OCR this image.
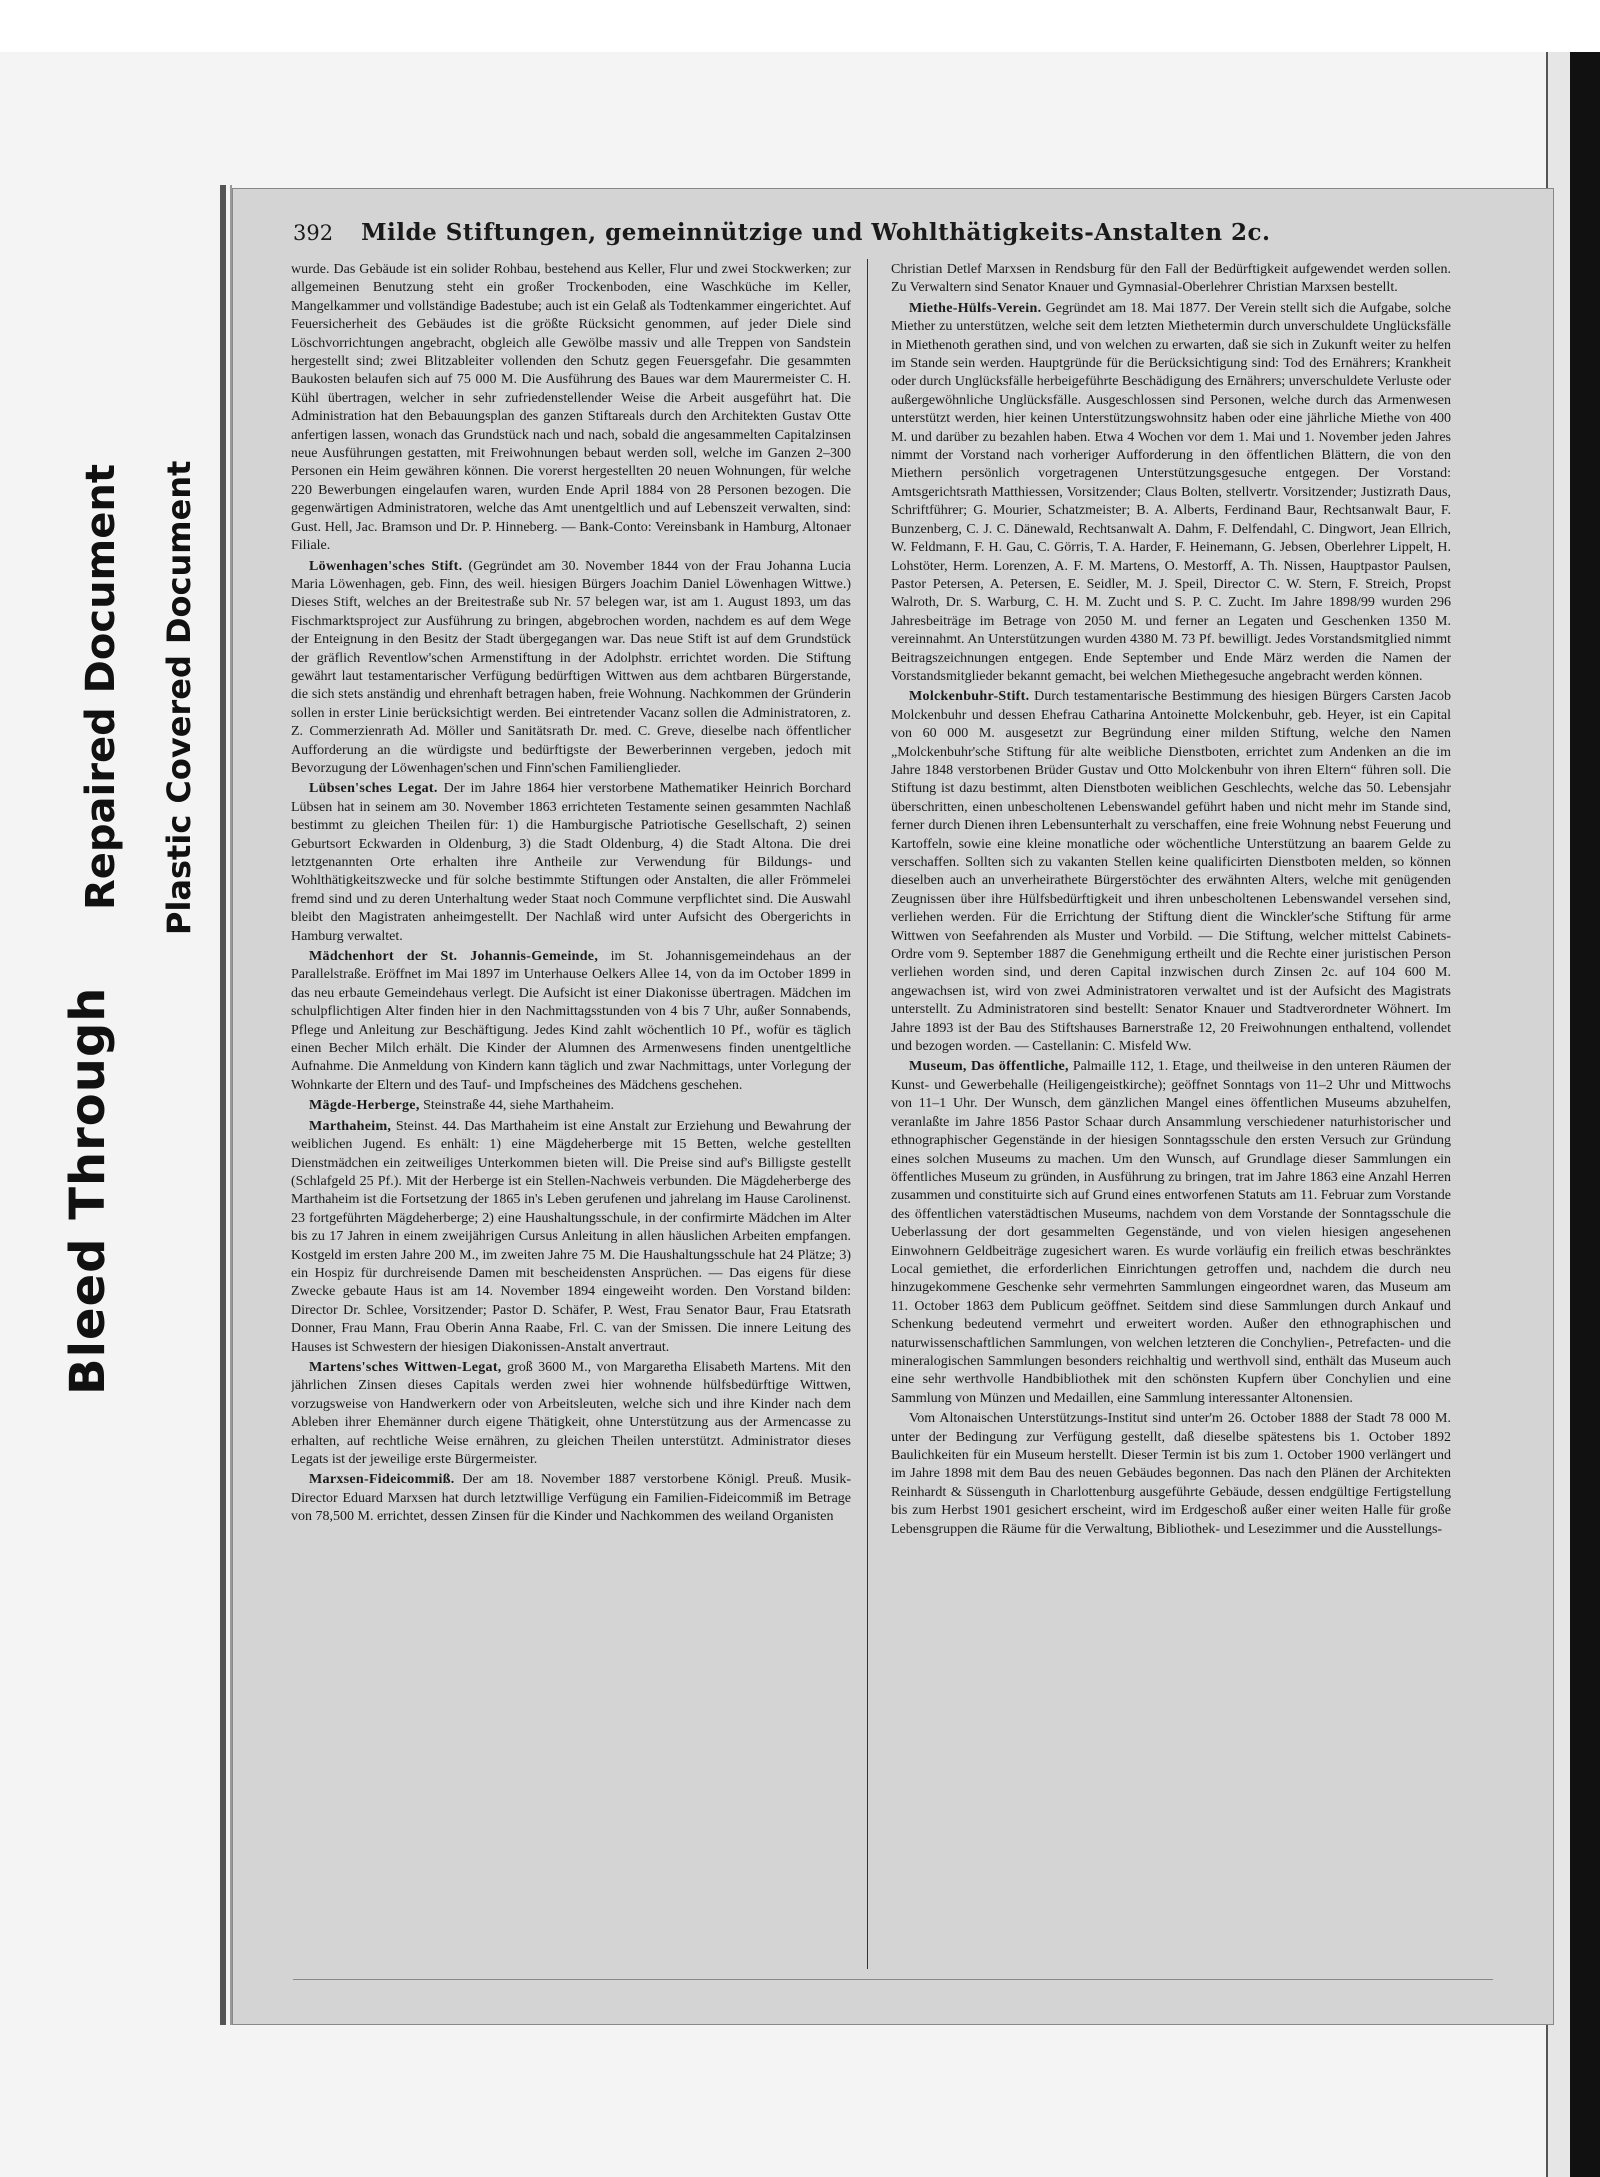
Bleed Through
Repaired Document Plastic Covered Document
392 Milde Stiftungen, gemeinnützige und Wohlthätigkeits-Anstalten 2c.

wurde. Das Gebäude ist ein solider Rohbau, bestehend aus Keller, Flur und zwei Stockwerken; zur allgemeinen Benutzung steht ein großer Trockenboden, eine Waschküche im Keller, Mangelkammer und vollständige Badestube; auch ist ein Gelaß als Todtenkammer eingerichtet. Auf Feuersicherheit des Gebäudes ist die größte Rücksicht genommen, auf jeder Diele sind Löschvorrichtungen angebracht, obgleich alle Gewölbe massiv und alle Treppen von Sandstein hergestellt sind; zwei Blitzableiter vollenden den Schutz gegen Feuersgefahr. Die gesammten Baukosten belaufen sich auf 75 000 M. Die Ausführung des Baues war dem Maurermeister C. H. Kühl übertragen, welcher in sehr zufriedenstellender Weise die Arbeit ausgeführt hat. Die Administration hat den Bebauungsplan des ganzen Stiftareals durch den Architekten Gustav Otte anfertigen lassen, wonach das Grundstück nach und nach, sobald die angesammelten Capitalzinsen neue Ausführungen gestatten, mit Freiwohnungen bebaut werden soll, welche im Ganzen 2–300 Personen ein Heim gewähren können. Die vorerst hergestellten 20 neuen Wohnungen, für welche 220 Bewerbungen eingelaufen waren, wurden Ende April 1884 von 28 Personen bezogen. Die gegenwärtigen Administratoren, welche das Amt unentgeltlich und auf Lebenszeit verwalten, sind: Gust. Hell, Jac. Bramson und Dr. P. Hinneberg. — Bank-Conto: Vereinsbank in Hamburg, Altonaer Filiale.

Löwenhagen'sches Stift. (Gegründet am 30. November 1844 von der Frau Johanna Lucia Maria Löwenhagen, geb. Finn, des weil. hiesigen Bürgers Joachim Daniel Löwenhagen Wittwe.) Dieses Stift, welches an der Breitestraße sub Nr. 57 belegen war, ist am 1. August 1893, um das Fischmarktsproject zur Ausführung zu bringen, abgebrochen worden, nachdem es auf dem Wege der Enteignung in den Besitz der Stadt übergegangen war. Das neue Stift ist auf dem Grundstück der gräflich Reventlow'schen Armenstiftung in der Adolphstr. errichtet worden. Die Stiftung gewährt laut testamentarischer Verfügung bedürftigen Wittwen aus dem achtbaren Bürgerstande, die sich stets anständig und ehrenhaft betragen haben, freie Wohnung. Nachkommen der Gründerin sollen in erster Linie berücksichtigt werden. Bei eintretender Vacanz sollen die Administratoren, z. Z. Commerzienrath Ad. Möller und Sanitätsrath Dr. med. C. Greve, dieselbe nach öffentlicher Aufforderung an die würdigste und bedürftigste der Bewerberinnen vergeben, jedoch mit Bevorzugung der Löwenhagen'schen und Finn'schen Familienglieder.

Lübsen'sches Legat. Der im Jahre 1864 hier verstorbene Mathematiker Heinrich Borchard Lübsen hat in seinem am 30. November 1863 errichteten Testamente seinen gesammten Nachlaß bestimmt zu gleichen Theilen für: 1) die Hamburgische Patriotische Gesellschaft, 2) seinen Geburtsort Eckwarden in Oldenburg, 3) die Stadt Oldenburg, 4) die Stadt Altona. Die drei letztgenannten Orte erhalten ihre Antheile zur Verwendung für Bildungs- und Wohlthätigkeitszwecke und für solche bestimmte Stiftungen oder Anstalten, die aller Frömmelei fremd sind und zu deren Unterhaltung weder Staat noch Commune verpflichtet sind. Die Auswahl bleibt den Magistraten anheimgestellt. Der Nachlaß wird unter Aufsicht des Obergerichts in Hamburg verwaltet.

Mädchenhort der St. Johannis-Gemeinde, im St. Johannisgemeindehaus an der Parallelstraße. Eröffnet im Mai 1897 im Unterhause Oelkers Allee 14, von da im October 1899 in das neu erbaute Gemeindehaus verlegt. Die Aufsicht ist einer Diakonisse übertragen. Mädchen im schulpflichtigen Alter finden hier in den Nachmittagsstunden von 4 bis 7 Uhr, außer Sonnabends, Pflege und Anleitung zur Beschäftigung. Jedes Kind zahlt wöchentlich 10 Pf., wofür es täglich einen Becher Milch erhält. Die Kinder der Alumnen des Armenwesens finden unentgeltliche Aufnahme. Die Anmeldung von Kindern kann täglich und zwar Nachmittags, unter Vorlegung der Wohnkarte der Eltern und des Tauf- und Impfscheines des Mädchens geschehen.

Mägde-Herberge, Steinstraße 44, siehe Marthaheim.

Marthaheim, Steinst. 44. Das Marthaheim ist eine Anstalt zur Erziehung und Bewahrung der weiblichen Jugend. Es enhält: 1) eine Mägdeherberge mit 15 Betten, welche gestellten Dienstmädchen ein zeitweiliges Unterkommen bieten will. Die Preise sind auf's Billigste gestellt (Schlafgeld 25 Pf.). Mit der Herberge ist ein Stellen-Nachweis verbunden. Die Mägdeherberge des Marthaheim ist die Fortsetzung der 1865 in's Leben gerufenen und jahrelang im Hause Carolinenst. 23 fortgeführten Mägdeherberge; 2) eine Haushaltungsschule, in der confirmirte Mädchen im Alter bis zu 17 Jahren in einem zweijährigen Cursus Anleitung in allen häuslichen Arbeiten empfangen. Kostgeld im ersten Jahre 200 M., im zweiten Jahre 75 M. Die Haushaltungsschule hat 24 Plätze; 3) ein Hospiz für durchreisende Damen mit bescheidensten Ansprüchen. — Das eigens für diese Zwecke gebaute Haus ist am 14. November 1894 eingeweiht worden. Den Vorstand bilden: Director Dr. Schlee, Vorsitzender; Pastor D. Schäfer, P. West, Frau Senator Baur, Frau Etatsrath Donner, Frau Mann, Frau Oberin Anna Raabe, Frl. C. van der Smissen. Die innere Leitung des Hauses ist Schwestern der hiesigen Diakonissen-Anstalt anvertraut.

Martens'sches Wittwen-Legat, groß 3600 M., von Margaretha Elisabeth Martens. Mit den jährlichen Zinsen dieses Capitals werden zwei hier wohnende hülfsbedürftige Wittwen, vorzugsweise von Handwerkern oder von Arbeitsleuten, welche sich und ihre Kinder nach dem Ableben ihrer Ehemänner durch eigene Thätigkeit, ohne Unterstützung aus der Armencasse zu erhalten, auf rechtliche Weise ernähren, zu gleichen Theilen unterstützt. Administrator dieses Legats ist der jeweilige erste Bürgermeister.

Marxsen-Fideicommiß. Der am 18. November 1887 verstorbene Königl. Preuß. Musik-Director Eduard Marxsen hat durch letztwillige Verfügung ein Familien-Fideicommiß im Betrage von 78,500 M. errichtet, dessen Zinsen für die Kinder und Nachkommen des weiland Organisten

Christian Detlef Marxsen in Rendsburg für den Fall der Bedürftigkeit aufgewendet werden sollen. Zu Verwaltern sind Senator Knauer und Gymnasial-Oberlehrer Christian Marxsen bestellt.

Miethe-Hülfs-Verein. Gegründet am 18. Mai 1877. Der Verein stellt sich die Aufgabe, solche Miether zu unterstützen, welche seit dem letzten Miethetermin durch unverschuldete Unglücksfälle in Miethenoth gerathen sind, und von welchen zu erwarten, daß sie sich in Zukunft weiter zu helfen im Stande sein werden. Hauptgründe für die Berücksichtigung sind: Tod des Ernährers; Krankheit oder durch Unglücksfälle herbeigeführte Beschädigung des Ernährers; unverschuldete Verluste oder außergewöhnliche Unglücksfälle. Ausgeschlossen sind Personen, welche durch das Armenwesen unterstützt werden, hier keinen Unterstützungswohnsitz haben oder eine jährliche Miethe von 400 M. und darüber zu bezahlen haben. Etwa 4 Wochen vor dem 1. Mai und 1. November jeden Jahres nimmt der Vorstand nach vorheriger Aufforderung in den öffentlichen Blättern, die von den Miethern persönlich vorgetragenen Unterstützungsgesuche entgegen. Der Vorstand: Amtsgerichtsrath Matthiessen, Vorsitzender; Claus Bolten, stellvertr. Vorsitzender; Justizrath Daus, Schriftführer; G. Mourier, Schatzmeister; B. A. Alberts, Ferdinand Baur, Rechtsanwalt Baur, F. Bunzenberg, C. J. C. Dänewald, Rechtsanwalt A. Dahm, F. Delfendahl, C. Dingwort, Jean Ellrich, W. Feldmann, F. H. Gau, C. Görris, T. A. Harder, F. Heinemann, G. Jebsen, Oberlehrer Lippelt, H. Lohstöter, Herm. Lorenzen, A. F. M. Martens, O. Mestorff, A. Th. Nissen, Hauptpastor Paulsen, Pastor Petersen, A. Petersen, E. Seidler, M. J. Speil, Director C. W. Stern, F. Streich, Propst Walroth, Dr. S. Warburg, C. H. M. Zucht und S. P. C. Zucht. Im Jahre 1898/99 wurden 296 Jahresbeiträge im Betrage von 2050 M. und ferner an Legaten und Geschenken 1350 M. vereinnahmt. An Unterstützungen wurden 4380 M. 73 Pf. bewilligt. Jedes Vorstandsmitglied nimmt Beitragszeichnungen entgegen. Ende September und Ende März werden die Namen der Vorstandsmitglieder bekannt gemacht, bei welchen Miethegesuche angebracht werden können.

Molckenbuhr-Stift. Durch testamentarische Bestimmung des hiesigen Bürgers Carsten Jacob Molckenbuhr und dessen Ehefrau Catharina Antoinette Molckenbuhr, geb. Heyer, ist ein Capital von 60 000 M. ausgesetzt zur Begründung einer milden Stiftung, welche den Namen „Molckenbuhr'sche Stiftung für alte weibliche Dienstboten, errichtet zum Andenken an die im Jahre 1848 verstorbenen Brüder Gustav und Otto Molckenbuhr von ihren Eltern“ führen soll. Die Stiftung ist dazu bestimmt, alten Dienstboten weiblichen Geschlechts, welche das 50. Lebensjahr überschritten, einen unbescholtenen Lebenswandel geführt haben und nicht mehr im Stande sind, ferner durch Dienen ihren Lebensunterhalt zu verschaffen, eine freie Wohnung nebst Feuerung und Kartoffeln, sowie eine kleine monatliche oder wöchentliche Unterstützung an baarem Gelde zu verschaffen. Sollten sich zu vakanten Stellen keine qualificirten Dienstboten melden, so können dieselben auch an unverheirathete Bürgerstöchter des erwähnten Alters, welche mit genügenden Zeugnissen über ihre Hülfsbedürftigkeit und ihren unbescholtenen Lebenswandel versehen sind, verliehen werden. Für die Errichtung der Stiftung dient die Winckler'sche Stiftung für arme Wittwen von Seefahrenden als Muster und Vorbild. — Die Stiftung, welcher mittelst Cabinets-Ordre vom 9. September 1887 die Genehmigung ertheilt und die Rechte einer juristischen Person verliehen worden sind, und deren Capital inzwischen durch Zinsen 2c. auf 104 600 M. angewachsen ist, wird von zwei Administratoren verwaltet und ist der Aufsicht des Magistrats unterstellt. Zu Administratoren sind bestellt: Senator Knauer und Stadtverordneter Wöhnert. Im Jahre 1893 ist der Bau des Stiftshauses Barnerstraße 12, 20 Freiwohnungen enthaltend, vollendet und bezogen worden. — Castellanin: C. Misfeld Ww.

Museum, Das öffentliche, Palmaille 112, 1. Etage, und theilweise in den unteren Räumen der Kunst- und Gewerbehalle (Heiligengeistkirche); geöffnet Sonntags von 11–2 Uhr und Mittwochs von 11–1 Uhr. Der Wunsch, dem gänzlichen Mangel eines öffentlichen Museums abzuhelfen, veranlaßte im Jahre 1856 Pastor Schaar durch Ansammlung verschiedener naturhistorischer und ethnographischer Gegenstände in der hiesigen Sonntagsschule den ersten Versuch zur Gründung eines solchen Museums zu machen. Um den Wunsch, auf Grundlage dieser Sammlungen ein öffentliches Museum zu gründen, in Ausführung zu bringen, trat im Jahre 1863 eine Anzahl Herren zusammen und constituirte sich auf Grund eines entworfenen Statuts am 11. Februar zum Vorstande des öffentlichen vaterstädtischen Museums, nachdem von dem Vorstande der Sonntagsschule die Ueberlassung der dort gesammelten Gegenstände, und von vielen hiesigen angesehenen Einwohnern Geldbeiträge zugesichert waren. Es wurde vorläufig ein freilich etwas beschränktes Local gemiethet, die erforderlichen Einrichtungen getroffen und, nachdem die durch neu hinzugekommene Geschenke sehr vermehrten Sammlungen eingeordnet waren, das Museum am 11. October 1863 dem Publicum geöffnet. Seitdem sind diese Sammlungen durch Ankauf und Schenkung bedeutend vermehrt und erweitert worden. Außer den ethnographischen und naturwissenschaftlichen Sammlungen, von welchen letzteren die Conchylien-, Petrefacten- und die mineralogischen Sammlungen besonders reichhaltig und werthvoll sind, enthält das Museum auch eine sehr werthvolle Handbibliothek mit den schönsten Kupfern über Conchylien und eine Sammlung von Münzen und Medaillen, eine Sammlung interessanter Altonensien.

Vom Altonaischen Unterstützungs-Institut sind unter'm 26. October 1888 der Stadt 78 000 M. unter der Bedingung zur Verfügung gestellt, daß dieselbe spätestens bis 1. October 1892 Baulichkeiten für ein Museum herstellt. Dieser Termin ist bis zum 1. October 1900 verlängert und im Jahre 1898 mit dem Bau des neuen Gebäudes begonnen. Das nach den Plänen der Architekten Reinhardt & Süssenguth in Charlottenburg ausgeführte Gebäude, dessen endgültige Fertigstellung bis zum Herbst 1901 gesichert erscheint, wird im Erdgeschoß außer einer weiten Halle für große Lebensgruppen die Räume für die Verwaltung, Bibliothek- und Lesezimmer und die Ausstellungs-
